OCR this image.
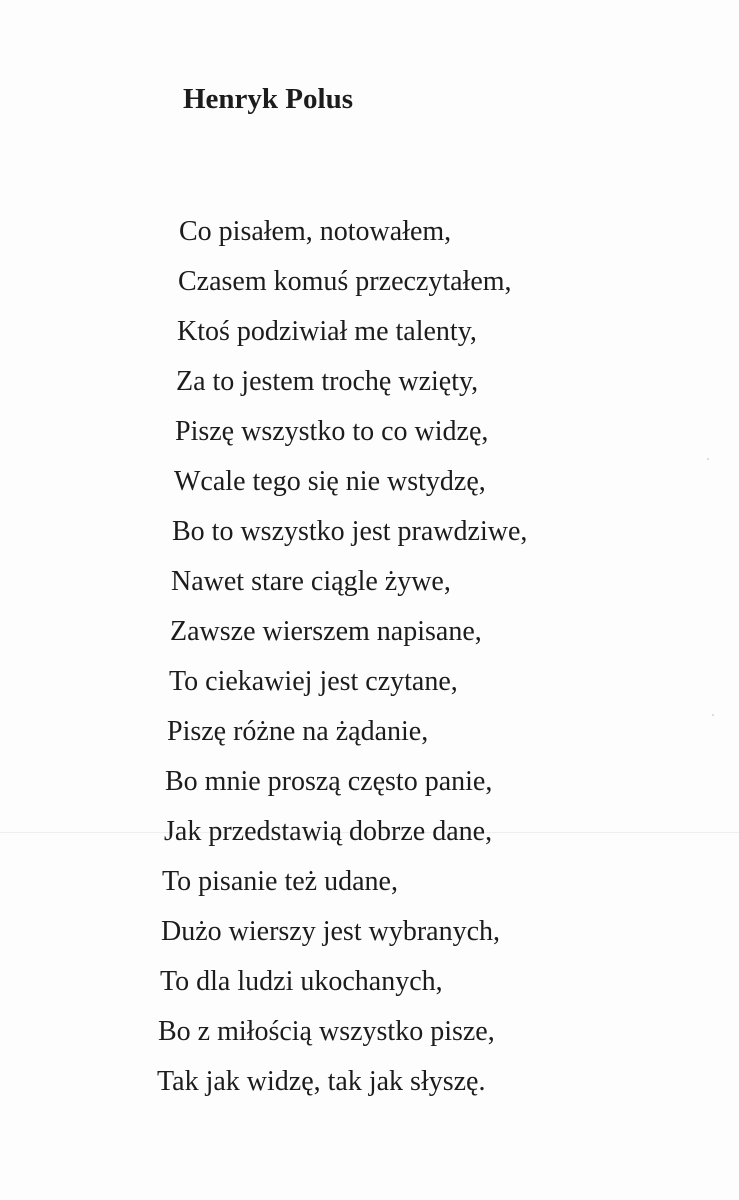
Henryk Polus

Co pisałem, notowałem,

Czasem komuś przeczytałem,

Ktoś podziwiał me talenty,

Za to jestem trochę wzięty,

Piszę wszystko to co widzę,

Wcale tego się nie wstydzę,

Bo to wszystko jest prawdziwe,

Nawet stare ciągle żywe,

Zawsze wierszem napisane,

To ciekawiej jest czytane,

Piszę różne na żądanie,

Bo mnie proszą często panie,

Jak przedstawią dobrze dane,

To pisanie też udane,

Dużo wierszy jest wybranych,

To dla ludzi ukochanych,

Bo z miłością wszystko pisze,

Tak jak widzę, tak jak słyszę.
